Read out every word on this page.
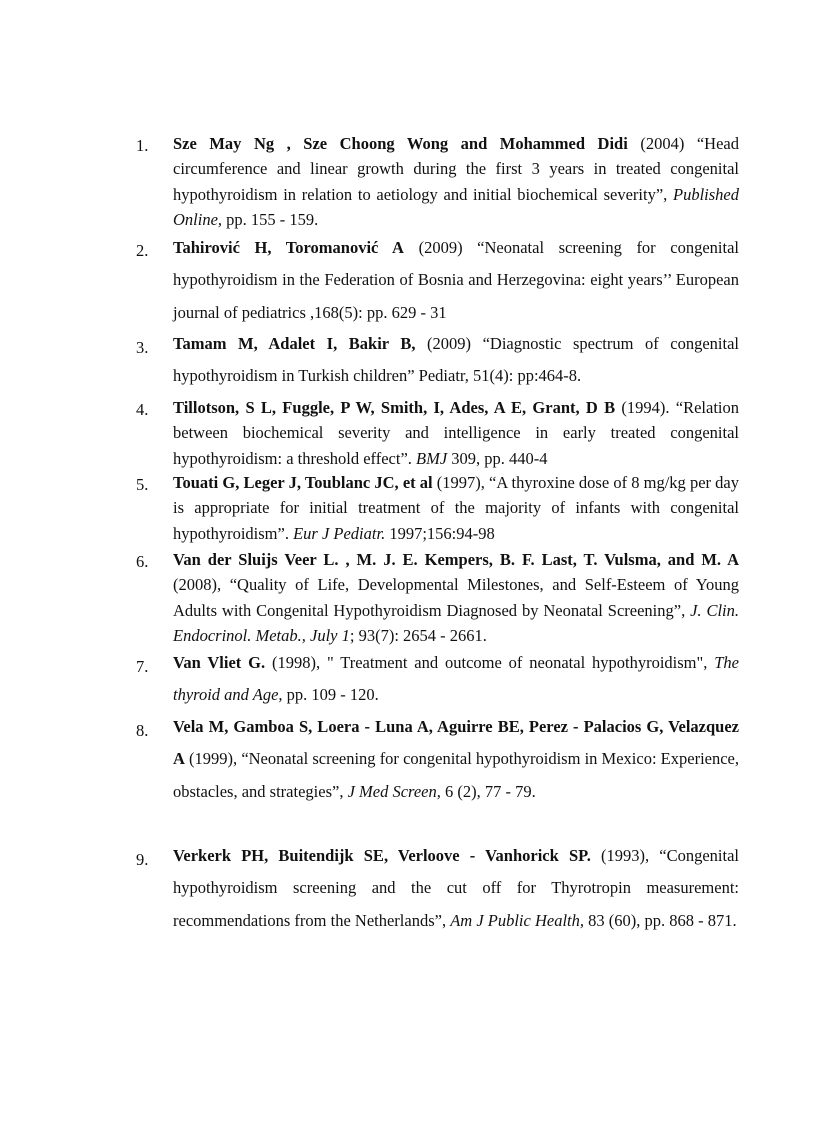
1. Sze May Ng , Sze Choong Wong and Mohammed Didi (2004) “Head circumference and linear growth during the first 3 years in treated congenital hypothyroidism in relation to aetiology and initial biochemical severity”, Published Online, pp. 155 - 159.
2. Tahirović H, Toromanović A (2009) “Neonatal screening for congenital hypothyroidism in the Federation of Bosnia and Herzegovina: eight years’’ European journal of pediatrics ,168(5): pp. 629 - 31
3. Tamam M, Adalet I, Bakir B, (2009) “Diagnostic spectrum of congenital hypothyroidism in Turkish children” Pediatr, 51(4): pp:464-8.
4. Tillotson, S L, Fuggle, P W, Smith, I, Ades, A E, Grant, D B (1994). “Relation between biochemical severity and intelligence in early treated congenital hypothyroidism: a threshold effect”. BMJ 309, pp. 440-4
5. Touati G, Leger J, Toublanc JC, et al (1997), “A thyroxine dose of 8 mg/kg per day is appropriate for initial treatment of the majority of infants with congenital hypothyroidism”. Eur J Pediatr. 1997;156:94-98
6. Van der Sluijs Veer L. , M. J. E. Kempers, B. F. Last, T. Vulsma, and M. A (2008), “Quality of Life, Developmental Milestones, and Self-Esteem of Young Adults with Congenital Hypothyroidism Diagnosed by Neonatal Screening”, J. Clin. Endocrinol. Metab., July 1; 93(7): 2654 - 2661.
7. Van Vliet G. (1998), " Treatment and outcome of neonatal hypothyroidism", The thyroid and Age, pp. 109 - 120.
8. Vela M, Gamboa S, Loera - Luna A, Aguirre BE, Perez - Palacios G, Velazquez A (1999), “Neonatal screening for congenital hypothyroidism in Mexico: Experience, obstacles, and strategies”, J Med Screen, 6 (2), 77 - 79.
9. Verkerk PH, Buitendijk SE, Verloove - Vanhorick SP. (1993), “Congenital hypothyroidism screening and the cut off for Thyrotropin measurement: recommendations from the Netherlands”, Am J Public Health, 83 (60), pp. 868 - 871.
